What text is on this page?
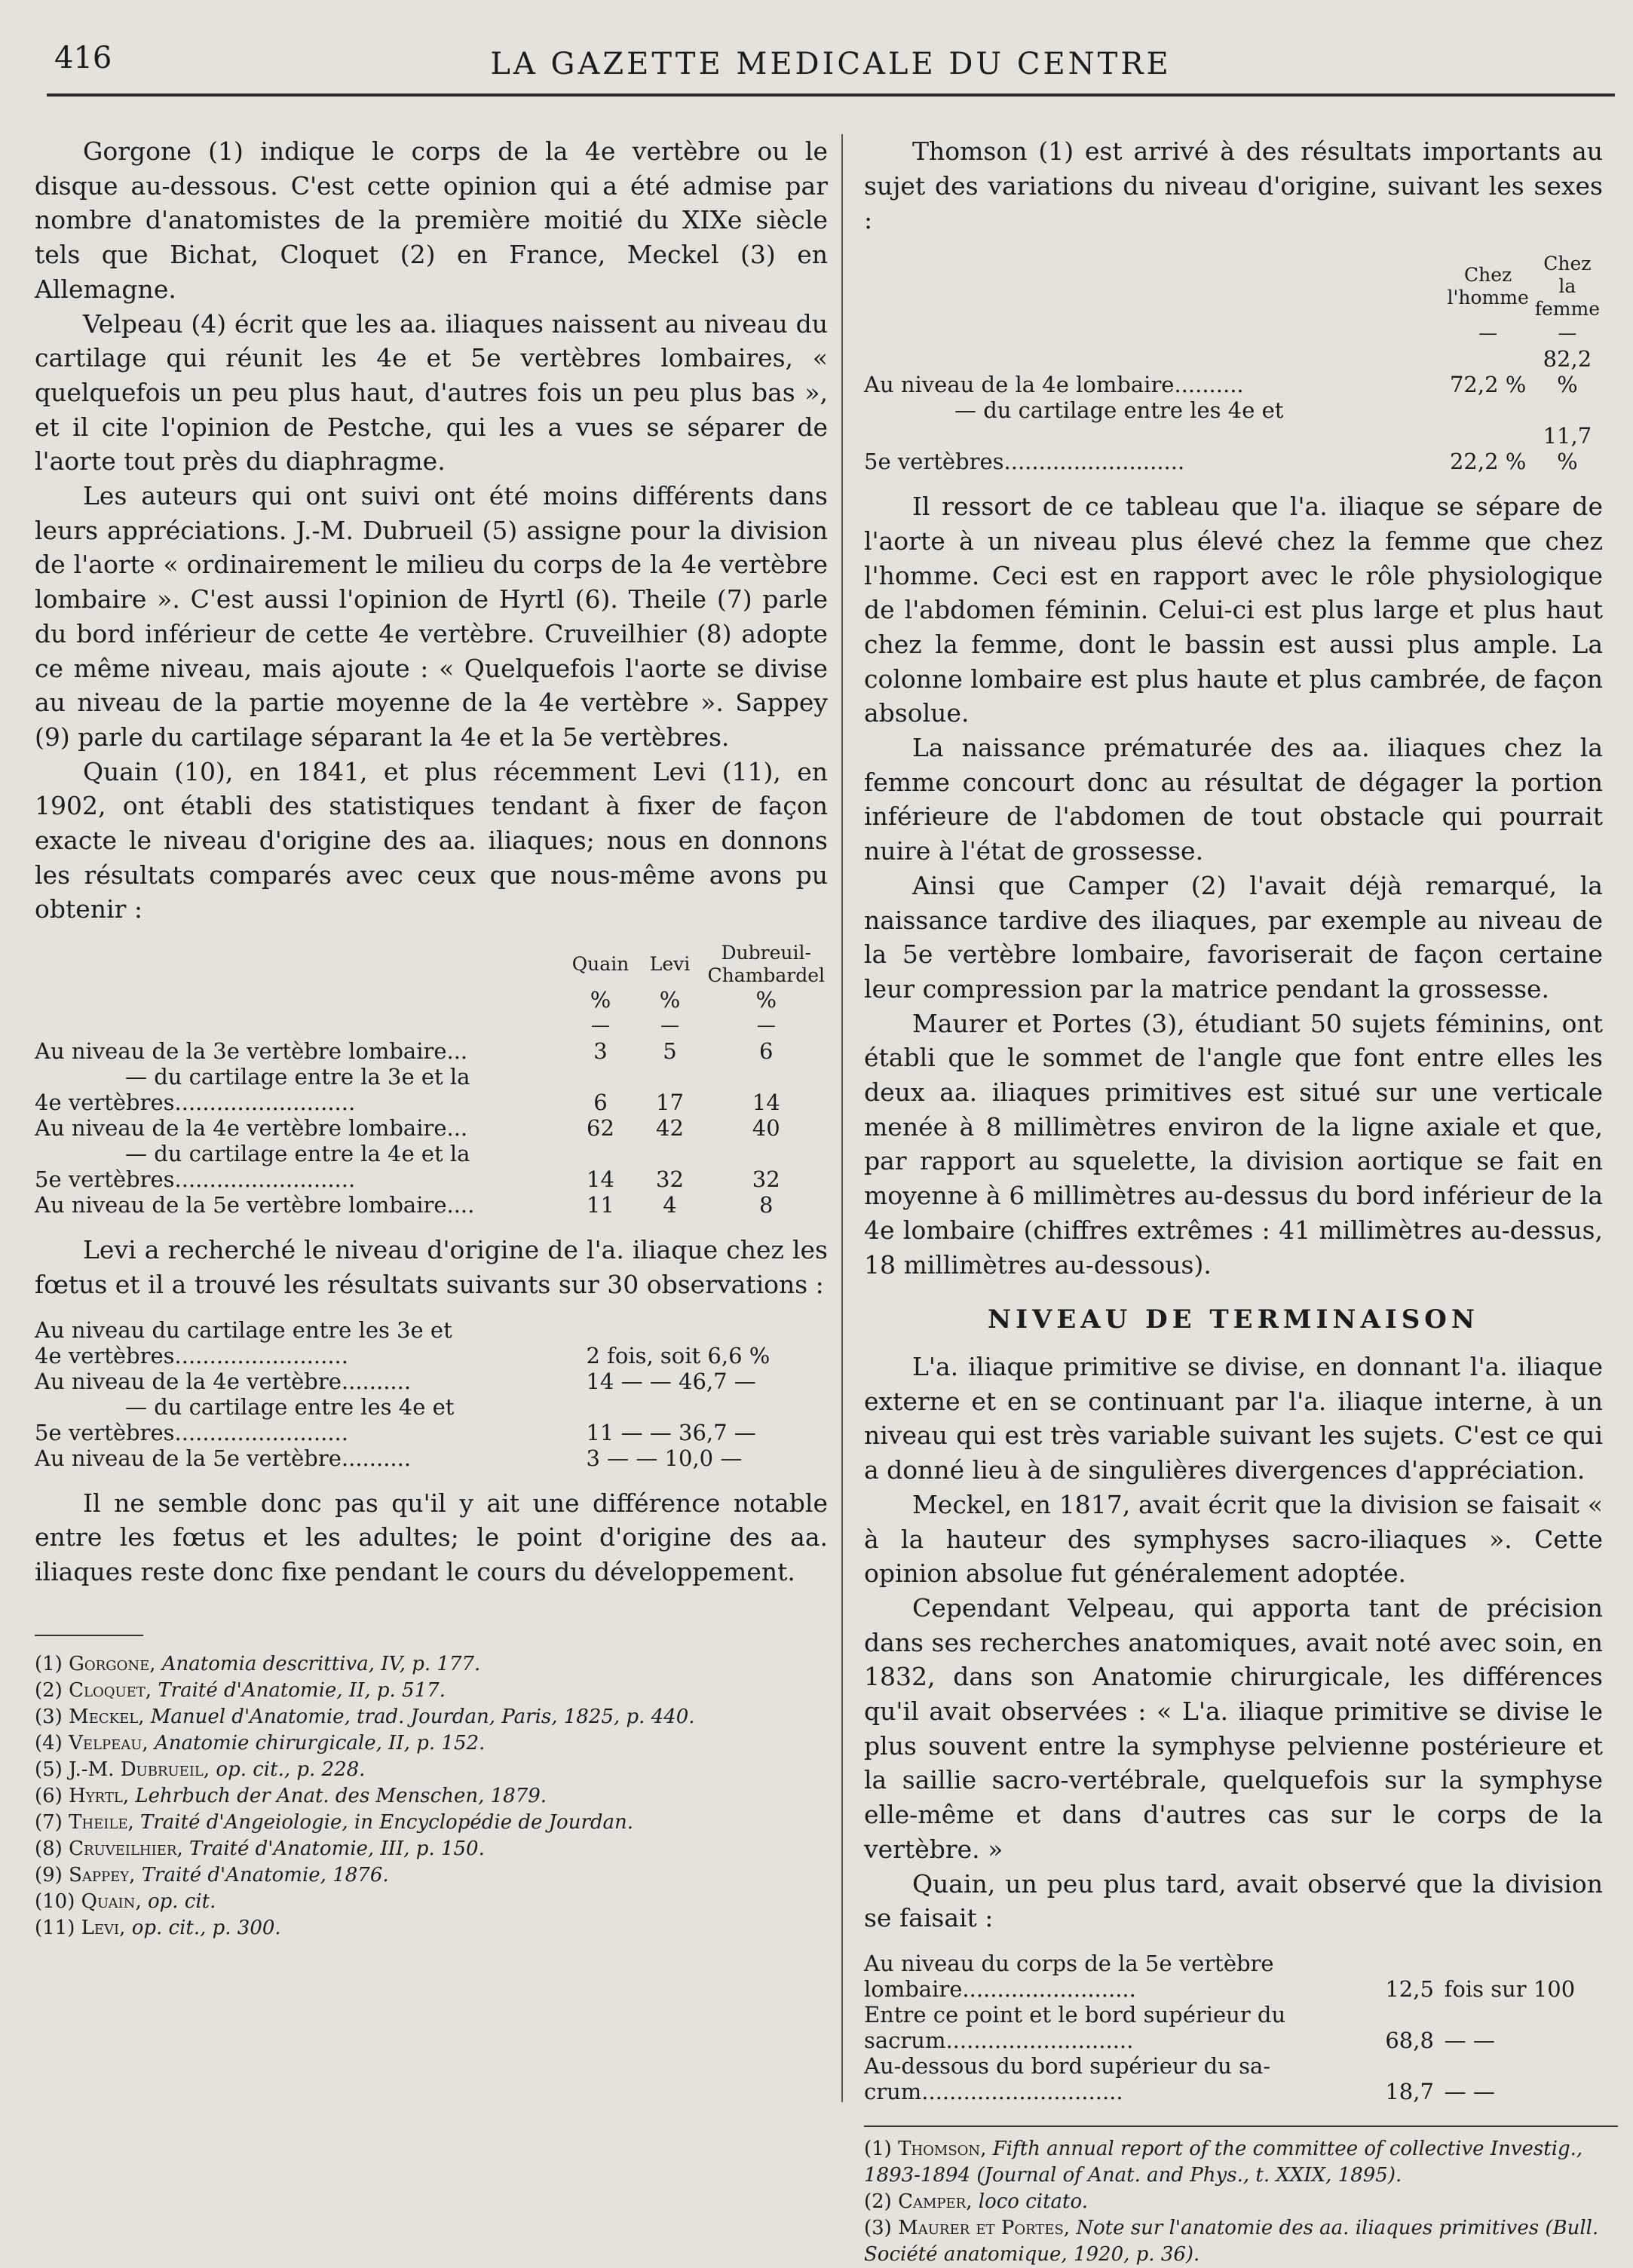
416	LA GAZETTE MEDICALE DU CENTRE

Gorgone (1) indique le corps de la 4e vertèbre ou le disque au-dessous. C'est cette opinion qui a été admise par nombre d'anatomistes de la première moitié du XIXe siècle tels que Bichat, Cloquet (2) en France, Meckel (3) en Allemagne.

Velpeau (4) écrit que les aa. iliaques naissent au niveau du cartilage qui réunit les 4e et 5e vertèbres lombaires, « quelquefois un peu plus haut, d'autres fois un peu plus bas », et il cite l'opinion de Pestche, qui les a vues se séparer de l'aorte tout près du diaphragme.

Les auteurs qui ont suivi ont été moins différents dans leurs appréciations. J.-M. Dubrueil (5) assigne pour la division de l'aorte « ordinairement le milieu du corps de la 4e vertèbre lombaire ». C'est aussi l'opinion de Hyrtl (6). Theile (7) parle du bord inférieur de cette 4e vertèbre. Cruveilhier (8) adopte ce même niveau, mais ajoute : « Quelquefois l'aorte se divise au niveau de la partie moyenne de la 4e vertèbre ». Sappey (9) parle du cartilage séparant la 4e et la 5e vertèbres.

Quain (10), en 1841, et plus récemment Levi (11), en 1902, ont établi des statistiques tendant à fixer de façon exacte le niveau d'origine des aa. iliaques; nous en donnons les résultats comparés avec ceux que nous-même avons pu obtenir :

	Quain	Levi	Dubreuil-Chambardel
	%	%	%
	—	—	—
Au niveau de la 3e vertèbre lombaire...	3	5	6
— du cartilage entre la 3e et la			
4e vertèbres..........................	6	17	14
Au niveau de la 4e vertèbre lombaire...	62	42	40
— du cartilage entre la 4e et la			
5e vertèbres..........................	14	32	32
Au niveau de la 5e vertèbre lombaire....	11	4	8

Levi a recherché le niveau d'origine de l'a. iliaque chez les fœtus et il a trouvé les résultats suivants sur 30 observations :

Au niveau du cartilage entre les 3e et	
4e vertèbres.........................	2 fois, soit 6,6 %
Au niveau de la 4e vertèbre..........	14 — — 46,7 —
— du cartilage entre les 4e et	
5e vertèbres.........................	11 — — 36,7 —
Au niveau de la 5e vertèbre..........	3 — — 10,0 —

Il ne semble donc pas qu'il y ait une différence notable entre les fœtus et les adultes; le point d'origine des aa. iliaques reste donc fixe pendant le cours du développement.

(1) Gorgone, Anatomia descrittiva, IV, p. 177.
(2) Cloquet, Traité d'Anatomie, II, p. 517.
(3) Meckel, Manuel d'Anatomie, trad. Jourdan, Paris, 1825, p. 440.
(4) Velpeau, Anatomie chirurgicale, II, p. 152.
(5) J.-M. Dubrueil, op. cit., p. 228.
(6) Hyrtl, Lehrbuch der Anat. des Menschen, 1879.
(7) Theile, Traité d'Angeiologie, in Encyclopédie de Jourdan.
(8) Cruveilhier, Traité d'Anatomie, III, p. 150.
(9) Sappey, Traité d'Anatomie, 1876.
(10) Quain, op. cit.
(11) Levi, op. cit., p. 300.

Thomson (1) est arrivé à des résultats importants au sujet des variations du niveau d'origine, suivant les sexes :

	Chez l'homme	Chez la femme
	—	—
Au niveau de la 4e lombaire..........	72,2 %	82,2 %
— du cartilage entre les 4e et		
5e vertèbres..........................	22,2 %	11,7 %

Il ressort de ce tableau que l'a. iliaque se sépare de l'aorte à un niveau plus élevé chez la femme que chez l'homme. Ceci est en rapport avec le rôle physiologique de l'abdomen féminin. Celui-ci est plus large et plus haut chez la femme, dont le bassin est aussi plus ample. La colonne lombaire est plus haute et plus cambrée, de façon absolue.

La naissance prématurée des aa. iliaques chez la femme concourt donc au résultat de dégager la portion inférieure de l'abdomen de tout obstacle qui pourrait nuire à l'état de grossesse.

Ainsi que Camper (2) l'avait déjà remarqué, la naissance tardive des iliaques, par exemple au niveau de la 5e vertèbre lombaire, favoriserait de façon certaine leur compression par la matrice pendant la grossesse.

Maurer et Portes (3), étudiant 50 sujets féminins, ont établi que le sommet de l'angle que font entre elles les deux aa. iliaques primitives est situé sur une verticale menée à 8 millimètres environ de la ligne axiale et que, par rapport au squelette, la division aortique se fait en moyenne à 6 millimètres au-dessus du bord inférieur de la 4e lombaire (chiffres extrêmes : 41 millimètres au-dessus, 18 millimètres au-dessous).

NIVEAU DE TERMINAISON

L'a. iliaque primitive se divise, en donnant l'a. iliaque externe et en se continuant par l'a. iliaque interne, à un niveau qui est très variable suivant les sujets. C'est ce qui a donné lieu à de singulières divergences d'appréciation.

Meckel, en 1817, avait écrit que la division se faisait « à la hauteur des symphyses sacro-iliaques ». Cette opinion absolue fut généralement adoptée.

Cependant Velpeau, qui apporta tant de précision dans ses recherches anatomiques, avait noté avec soin, en 1832, dans son Anatomie chirurgicale, les différences qu'il avait observées : « L'a. iliaque primitive se divise le plus souvent entre la symphyse pelvienne postérieure et la saillie sacro-vertébrale, quelquefois sur la symphyse elle-même et dans d'autres cas sur le corps de la vertèbre. »

Quain, un peu plus tard, avait observé que la division se faisait :

Au niveau du corps de la 5e vertèbre		
lombaire.........................	12,5	fois sur 100
Entre ce point et le bord supérieur du		
sacrum...........................	68,8	— —
Au-dessous du bord supérieur du sa-		
crum.............................	18,7	— —
(1) Thomson, Fifth annual report of the committee of collective Investig., 1893-1894 (Journal of Anat. and Phys., t. XXIX, 1895).
(2) Camper, loco citato.
(3) Maurer et Portes, Note sur l'anatomie des aa. iliaques primitives (Bull. Société anatomique, 1920, p. 36).
